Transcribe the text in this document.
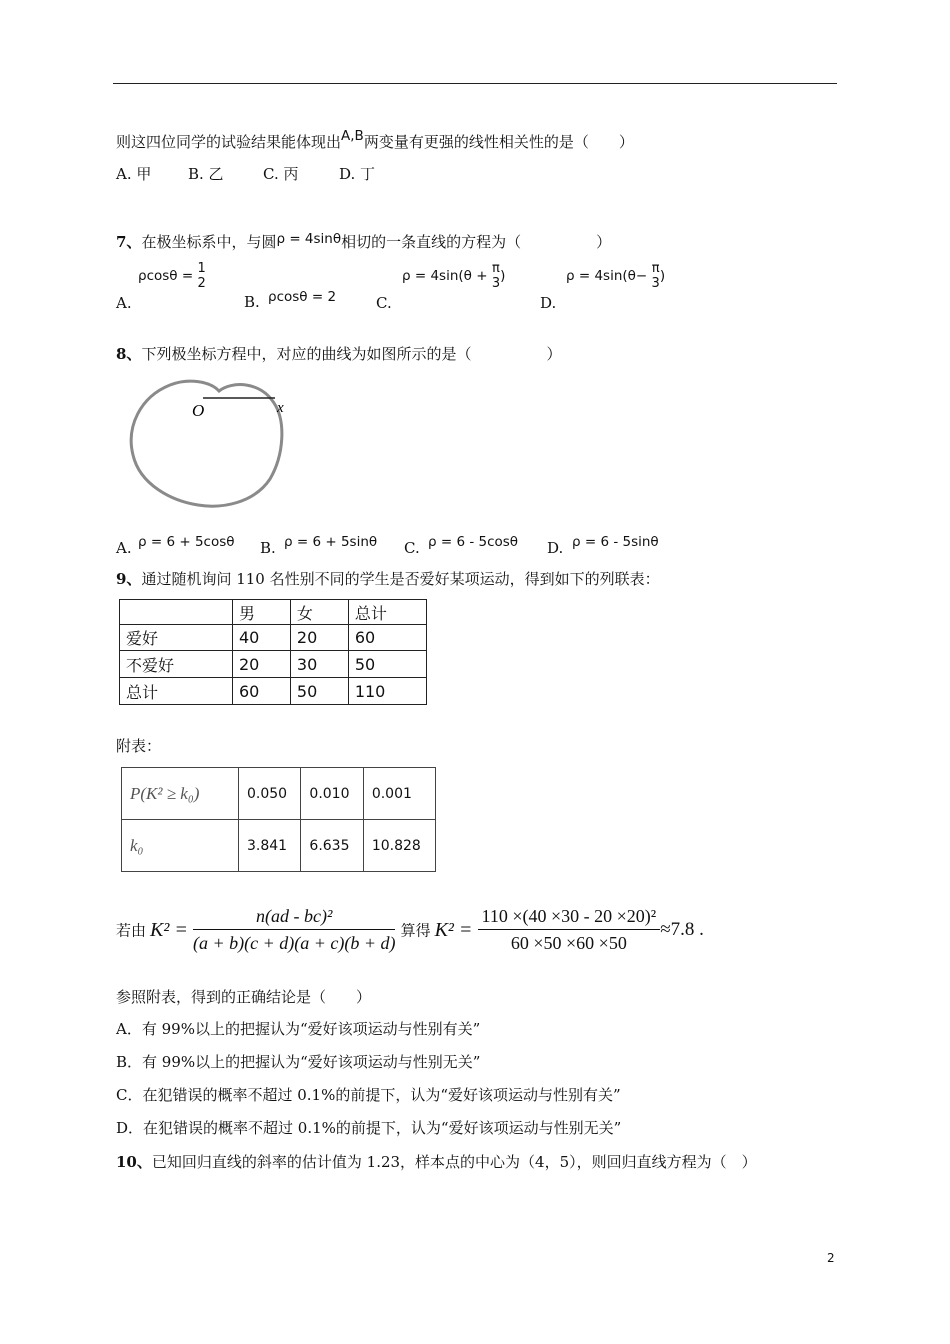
则这四位同学的试验结果能体现出A,B两变量有更强的线性相关性的是（　　）
A. 甲 B. 乙	C. 丙	D. 丁
7、在极坐标系中，与圆ρ = 4sinθ相切的一条直线的方程为（　　　　　）
A.
ρcosθ = 1
2
B. ρcosθ = 2	C.
ρ = 4sin(θ + π
3 )
D.
ρ = 4sin(θ− π
3 )
8、下列极坐标方程中，对应的曲线为如图所示的是（　　　　　）
O	x
A. ρ = 6 + 5cosθ B. ρ = 6 + 5sinθ C. ρ = 6 - 5cosθ D. ρ = 6 - 5sinθ
9、通过随机询问 110 名性别不同的学生是否爱好某项运动，得到如下的列联表：
	男	女	总计
爱好	40	20	60
不爱好	20	30	50
总计	60	50	110
附表：
P(K² ≥ k₀)	0.050	0.010	0.001
k₀	3.841	6.635	10.828
若由 $K^2 = \frac{\text{n(ad - bc)²}}{(a + b)(c + d)(a + c)(b + d)}$ 算得 $K^2 = \frac{\text{110 ×(40 ×30 - 20 ×20)²}}{60 \times 50 \times 60 \times 50} \approx 7.8$ .
参照附表，得到的正确结论是（　　）
A．有 99%以上的把握认为“爱好该项运动与性别有关”
B．有 99%以上的把握认为“爱好该项运动与性别无关”
C．在犯错误的概率不超过 0.1%的前提下，认为“爱好该项运动与性别有关”
D．在犯错误的概率不超过 0.1%的前提下，认为“爱好该项运动与性别无关”
10、已知回归直线的斜率的估计值为 1.23，样本点的中心为（4，5），则回归直线方程为（　）
2
